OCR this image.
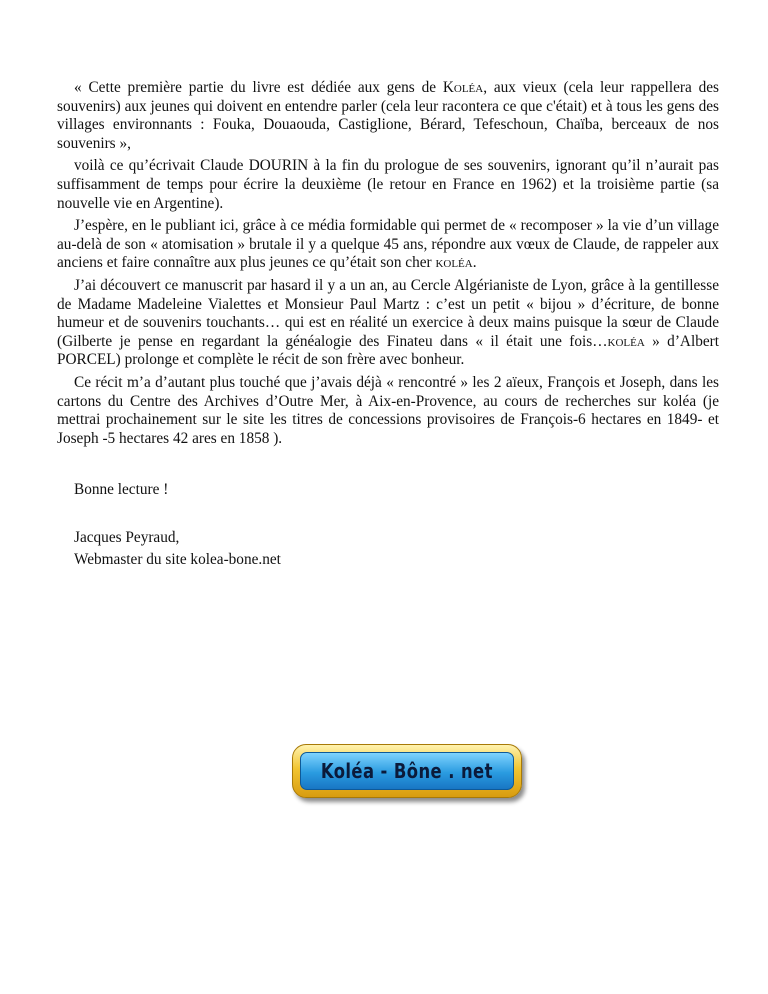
« Cette première partie du livre est dédiée aux gens de Koléa, aux vieux (cela leur rappellera des souvenirs) aux jeunes qui doivent en entendre parler (cela leur racontera ce que c'était) et à tous les gens des villages environnants : Fouka, Douaouda, Castiglione, Bérard, Tefeschoun, Chaïba, berceaux de nos souvenirs »,

voilà ce qu’écrivait Claude DOURIN à la fin du prologue de ses souvenirs, ignorant qu’il n’aurait pas suffisamment de temps pour écrire la deuxième (le retour en France en 1962) et la troisième partie (sa nouvelle vie en Argentine).

J’espère, en le publiant ici, grâce à ce média formidable qui permet de « recomposer » la vie d’un village au-delà de son « atomisation » brutale il y a quelque 45 ans, répondre aux vœux de Claude, de rappeler aux anciens et faire connaître aux plus jeunes ce qu’était son cher koléa.

J’ai découvert ce manuscrit par hasard il y a un an, au Cercle Algérianiste de Lyon, grâce à la gentillesse de Madame Madeleine Vialettes et Monsieur Paul Martz : c’est un petit « bijou » d’écriture, de bonne humeur et de souvenirs touchants… qui est en réalité un exercice à deux mains puisque la sœur de Claude (Gilberte je pense en regardant la généalogie des Finateu dans « il était une fois…koléa » d’Albert PORCEL) prolonge et complète le récit de son frère avec bonheur.

Ce récit m’a d’autant plus touché que j’avais déjà « rencontré » les 2 aïeux, François et Joseph, dans les cartons du Centre des Archives d’Outre Mer, à Aix-en-Provence, au cours de recherches sur koléa (je mettrai prochainement sur le site les titres de concessions provisoires de François-6 hectares en 1849- et Joseph -5 hectares 42 ares en 1858 ).

Bonne lecture !

Jacques Peyraud,

Webmaster du site kolea-bone.net

Koléa - Bône . net
